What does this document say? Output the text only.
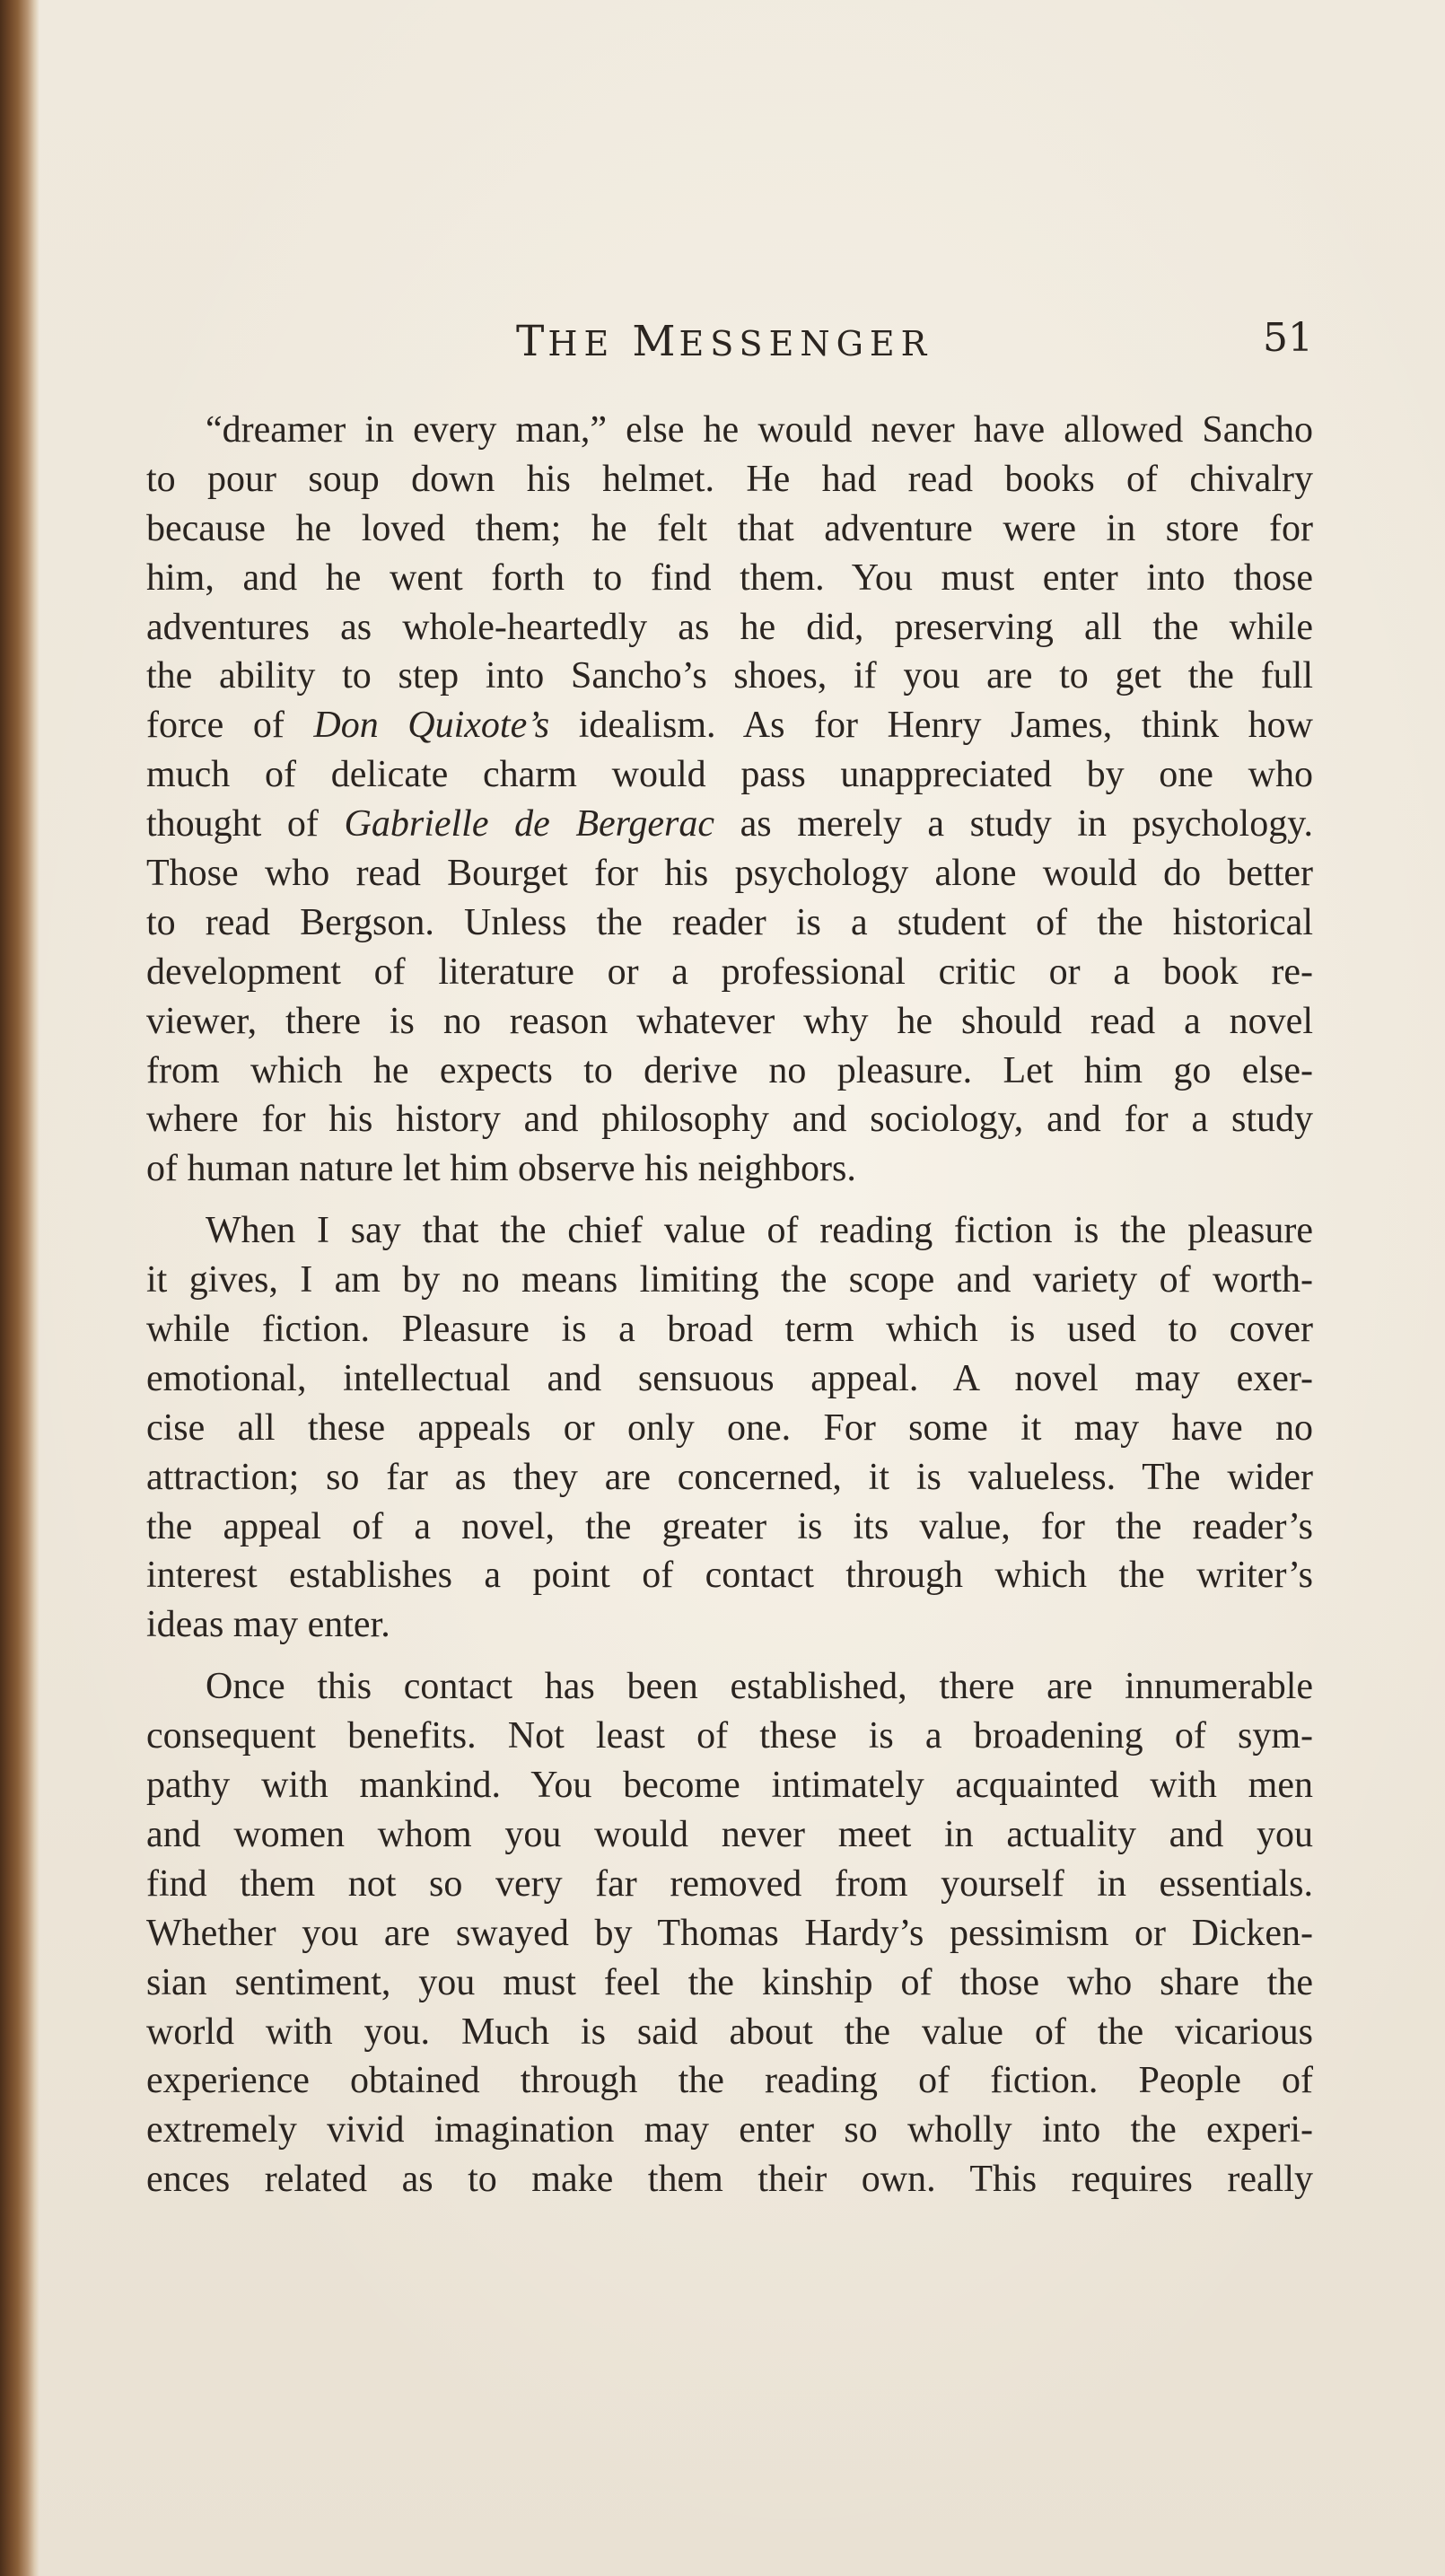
THE MESSENGER	51
“dreamer in every man,” else he would never have allowed Sancho
to pour soup down his helmet. He had read books of chivalry
because he loved them; he felt that adventure were in store for
him, and he went forth to find them. You must enter into those
adventures as whole-heartedly as he did, preserving all the while
the ability to step into Sancho’s shoes, if you are to get the full
force of Don Quixote’s idealism. As for Henry James, think how
much of delicate charm would pass unappreciated by one who
thought of Gabrielle de Bergerac as merely a study in psychology.
Those who read Bourget for his psychology alone would do better
to read Bergson. Unless the reader is a student of the historical
development of literature or a professional critic or a book re-
viewer, there is no reason whatever why he should read a novel
from which he expects to derive no pleasure. Let him go else-
where for his history and philosophy and sociology, and for a study
of human nature let him observe his neighbors.
When I say that the chief value of reading fiction is the pleasure
it gives, I am by no means limiting the scope and variety of worth-
while fiction. Pleasure is a broad term which is used to cover
emotional, intellectual and sensuous appeal. A novel may exer-
cise all these appeals or only one. For some it may have no
attraction; so far as they are concerned, it is valueless. The wider
the appeal of a novel, the greater is its value, for the reader’s
interest establishes a point of contact through which the writer’s
ideas may enter.
Once this contact has been established, there are innumerable
consequent benefits. Not least of these is a broadening of sym-
pathy with mankind. You become intimately acquainted with men
and women whom you would never meet in actuality and you
find them not so very far removed from yourself in essentials.
Whether you are swayed by Thomas Hardy’s pessimism or Dicken-
sian sentiment, you must feel the kinship of those who share the
world with you. Much is said about the value of the vicarious
experience obtained through the reading of fiction. People of
extremely vivid imagination may enter so wholly into the experi-
ences related as to make them their own. This requires really
